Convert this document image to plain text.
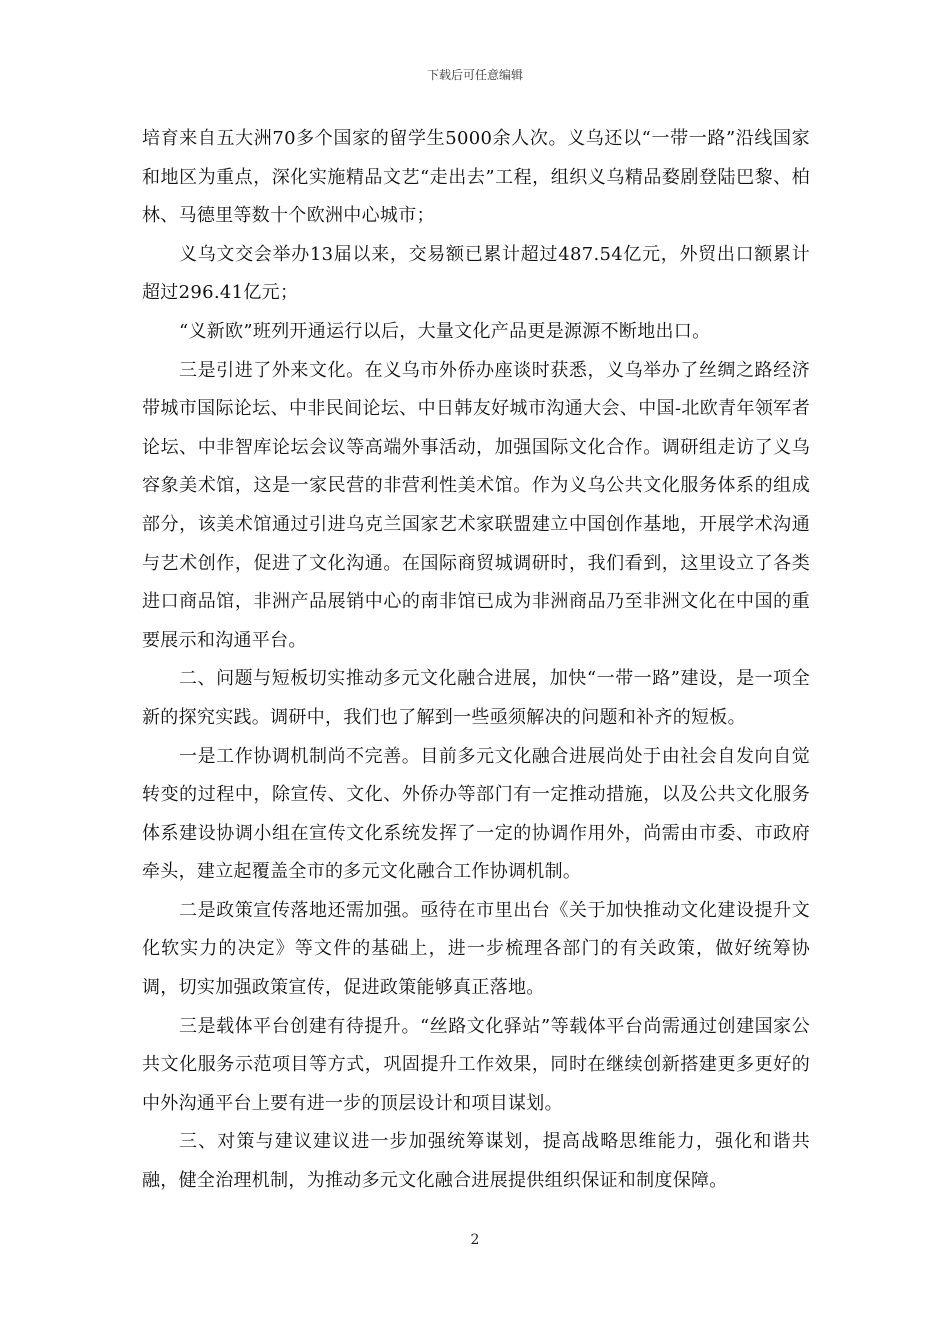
下载后可任意编辑

培育来自五大洲70多个国家的留学生5000余人次。义乌还以“一带一路”沿线国家和地区为重点，深化实施精品文艺“走出去”工程，组织义乌精品婺剧登陆巴黎、柏林、马德里等数十个欧洲中心城市；

义乌文交会举办13届以来，交易额已累计超过487.54亿元，外贸出口额累计超过296.41亿元；

“义新欧”班列开通运行以后，大量文化产品更是源源不断地出口。

三是引进了外来文化。在义乌市外侨办座谈时获悉，义乌举办了丝绸之路经济带城市国际论坛、中非民间论坛、中日韩友好城市沟通大会、中国-北欧青年领军者论坛、中非智库论坛会议等高端外事活动，加强国际文化合作。调研组走访了义乌容象美术馆，这是一家民营的非营利性美术馆。作为义乌公共文化服务体系的组成部分，该美术馆通过引进乌克兰国家艺术家联盟建立中国创作基地，开展学术沟通与艺术创作，促进了文化沟通。在国际商贸城调研时，我们看到，这里设立了各类进口商品馆，非洲产品展销中心的南非馆已成为非洲商品乃至非洲文化在中国的重要展示和沟通平台。

二、问题与短板切实推动多元文化融合进展，加快“一带一路”建设，是一项全新的探究实践。调研中，我们也了解到一些亟须解决的问题和补齐的短板。

一是工作协调机制尚不完善。目前多元文化融合进展尚处于由社会自发向自觉转变的过程中，除宣传、文化、外侨办等部门有一定推动措施，以及公共文化服务体系建设协调小组在宣传文化系统发挥了一定的协调作用外，尚需由市委、市政府牵头，建立起覆盖全市的多元文化融合工作协调机制。

二是政策宣传落地还需加强。亟待在市里出台《关于加快推动文化建设提升文化软实力的决定》等文件的基础上，进一步梳理各部门的有关政策，做好统筹协调，切实加强政策宣传，促进政策能够真正落地。

三是载体平台创建有待提升。“丝路文化驿站”等载体平台尚需通过创建国家公共文化服务示范项目等方式，巩固提升工作效果，同时在继续创新搭建更多更好的中外沟通平台上要有进一步的顶层设计和项目谋划。

三、对策与建议建议进一步加强统筹谋划，提高战略思维能力，强化和谐共融，健全治理机制，为推动多元文化融合进展提供组织保证和制度保障。

2
